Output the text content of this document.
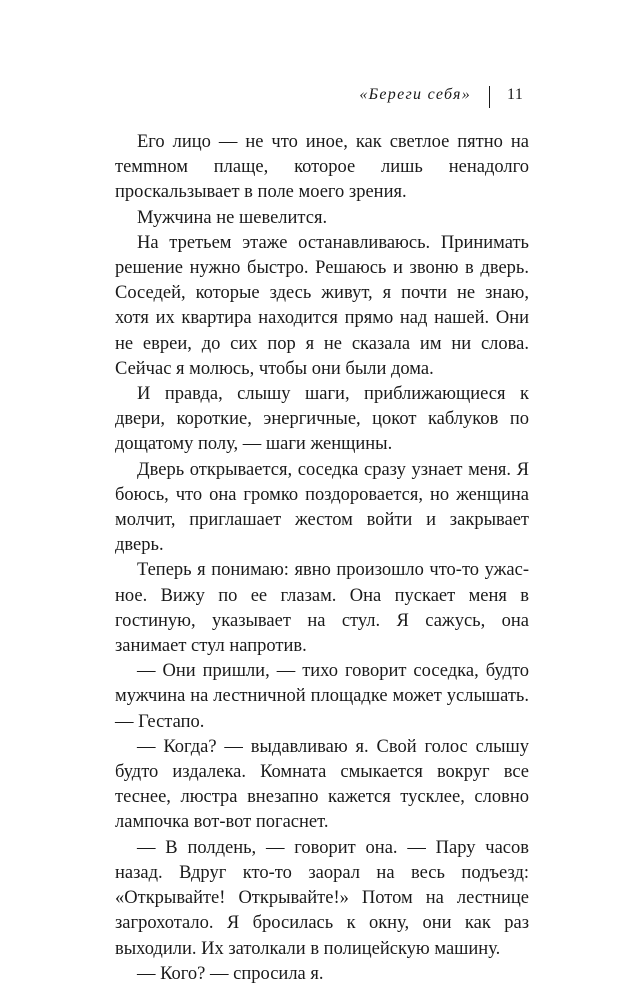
«Береги себя» 11

Его лицо — не что иное, как светлое пятно на темmном плаще, которое лишь ненадолго проскальзывает в поле моего зрения.

Мужчина не шевелится.

На третьем этаже останавливаюсь. Принимать решение нужно быстро. Решаюсь и звоню в дверь. Соседей, которые здесь живут, я почти не знаю, хотя их квартира находится прямо над нашей. Они не евреи, до сих пор я не сказала им ни слова. Сейчас я молюсь, чтобы они были дома.

И правда, слышу шаги, приближающиеся к двери, короткие, энергичные, цокот каблуков по дощатому полу, — шаги женщины.

Дверь открывается, соседка сразу узнает меня. Я боюсь, что она громко поздоровается, но женщина молчит, приглашает жестом войти и закрывает дверь.

Теперь я понимаю: явно произошло что-то ужасное. Вижу по ее глазам. Она пускает меня в гостиную, указывает на стул. Я сажусь, она занимает стул напротив.

— Они пришли, — тихо говорит соседка, будто мужчина на лестничной площадке может услышать. — Гестапо.

— Когда? — выдавливаю я. Свой голос слышу будто издалека. Комната смыкается вокруг все теснее, люстра внезапно кажется тусклее, словно лампочка вот-вот погаснет.

— В полдень, — говорит она. — Пару часов назад. Вдруг кто-то заорал на весь подъезд: «Открывайте! Открывайте!» Потом на лестнице загрохотало. Я бросилась к окну, они как раз выходили. Их затолкали в полицейскую машину.

— Кого? — спросила я.
